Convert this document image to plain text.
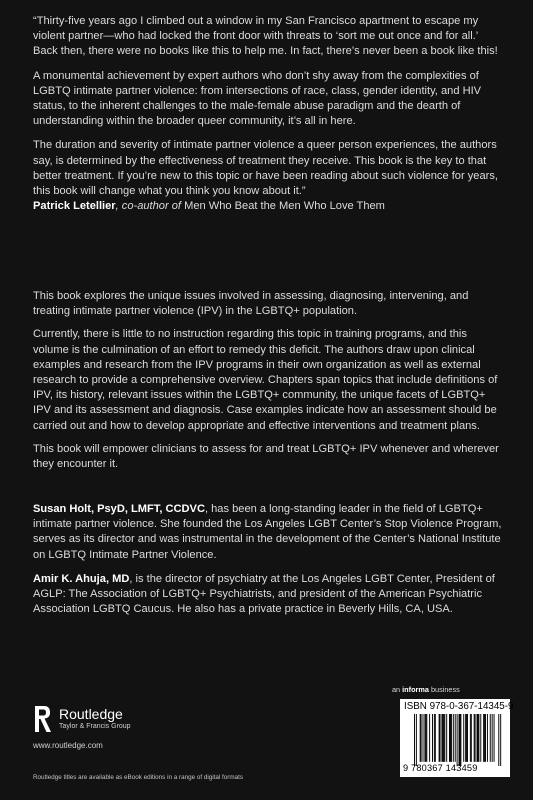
“Thirty-five years ago I climbed out a window in my San Francisco apartment to escape my violent partner—who had locked the front door with threats to ‘sort me out once and for all.’ Back then, there were no books like this to help me. In fact, there’s never been a book like this!

A monumental achievement by expert authors who don’t shy away from the complexities of LGBTQ intimate partner violence: from intersections of race, class, gender identity, and HIV status, to the inherent challenges to the male-female abuse paradigm and the dearth of understanding within the broader queer community, it’s all in here.

The duration and severity of intimate partner violence a queer person experiences, the authors say, is determined by the effectiveness of treatment they receive. This book is the key to that better treatment. If you’re new to this topic or have been reading about such violence for years, this book will change what you think you know about it.”
Patrick Letellier, co-author of Men Who Beat the Men Who Love Them

This book explores the unique issues involved in assessing, diagnosing, intervening, and treating intimate partner violence (IPV) in the LGBTQ+ population.

Currently, there is little to no instruction regarding this topic in training programs, and this volume is the culmination of an effort to remedy this deficit. The authors draw upon clinical examples and research from the IPV programs in their own organization as well as external research to provide a comprehensive overview. Chapters span topics that include definitions of IPV, its history, relevant issues within the LGBTQ+ community, the unique facets of LGBTQ+ IPV and its assessment and diagnosis. Case examples indicate how an assessment should be carried out and how to develop appropriate and effective interventions and treatment plans.

This book will empower clinicians to assess for and treat LGBTQ+ IPV whenever and wherever they encounter it.

Susan Holt, PsyD, LMFT, CCDVC, has been a long-standing leader in the field of LGBTQ+ intimate partner violence. She founded the Los Angeles LGBT Center’s Stop Violence Program, serves as its director and was instrumental in the development of the Center’s National Institute on LGBTQ Intimate Partner Violence.

Amir K. Ahuja, MD, is the director of psychiatry at the Los Angeles LGBT Center, President of AGLP: The Association of LGBTQ+ Psychiatrists, and president of the American Psychiatric Association LGBTQ Caucus. He also has a private practice in Beverly Hills, CA, USA.

Routledge
Taylor & Francis Group
www.routledge.com
Routledge titles are available as eBook editions in a range of digital formats
an informa business
ISBN 978-0-367-14345-9
9 780367 143459
